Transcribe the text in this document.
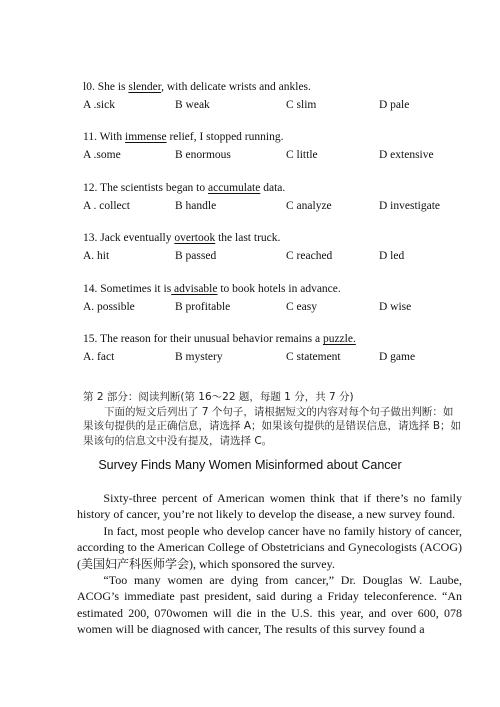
l0. She is slender, with delicate wrists and ankles.
A .sick	B weak	C slim	D pale
11. With immense relief, I stopped running.
A .some	B enormous	C little	D extensive
12. The scientists began to accumulate data.
A . collect	B handle	C analyze	D investigate
13. Jack eventually overtook the last truck.
A. hit	B passed	C reached	D led
14. Sometimes it is advisable to book hotels in advance.
A. possible	B profitable	C easy	D wise
15. The reason for their unusual behavior remains a puzzle.
A. fact	B mystery	C statement	D game
第 2 部分：阅读判断(第 16～22 题，每题 1 分，共 7 分)
下面的短文后列出了 7 个句子，请根据短文的内容对每个句子做出判断：如果该句提供的是正确信息，请选择 A；如果该句提供的是错误信息，请选择 B；如果该句的信息文中没有提及，请选择 C。
Survey Finds Many Women Misinformed about Cancer

Sixty-three percent of American women think that if there’s no family history of cancer, you’re not likely to develop the disease, a new survey found.

In fact, most people who develop cancer have no family history of cancer, according to the American College of Obstetricians and Gynecologists (ACOG) (美国妇产科医师学会), which sponsored the survey.

“Too many women are dying from cancer,” Dr. Douglas W. Laube, ACOG’s immediate past president, said during a Friday teleconference. “An estimated 200, 070women will die in the U.S. this year, and over 600, 078 women will be diagnosed with cancer, The results of this survey found a
